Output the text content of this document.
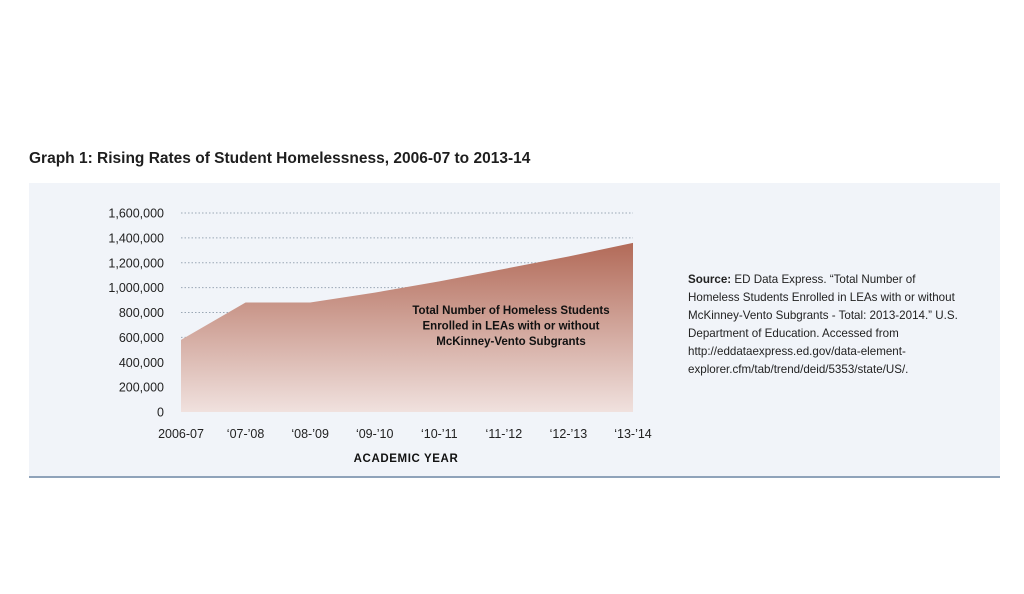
Graph 1: Rising Rates of Student Homelessness, 2006-07 to 2013-14
0
200,000
400,000
600,000
800,000
1,000,000
1,200,000
1,400,000
1,600,000
2006-07 ‘07-’08 ‘08-’09 ‘09-’10 ‘10-’11 ‘11-’12 ‘12-’13 ‘13-’14
ACADEMIC YEAR
Total Number of Homeless Students Enrolled in LEAs with or without McKinney-Vento Subgrants
Source: ED Data Express. “Total Number of Homeless Students Enrolled in LEAs with or without McKinney-Vento Subgrants - Total: 2013-2014.” U.S. Department of Education. Accessed from http://eddataexpress.ed.gov/data-element-explorer.cfm/tab/trend/deid/5353/state/US/.
